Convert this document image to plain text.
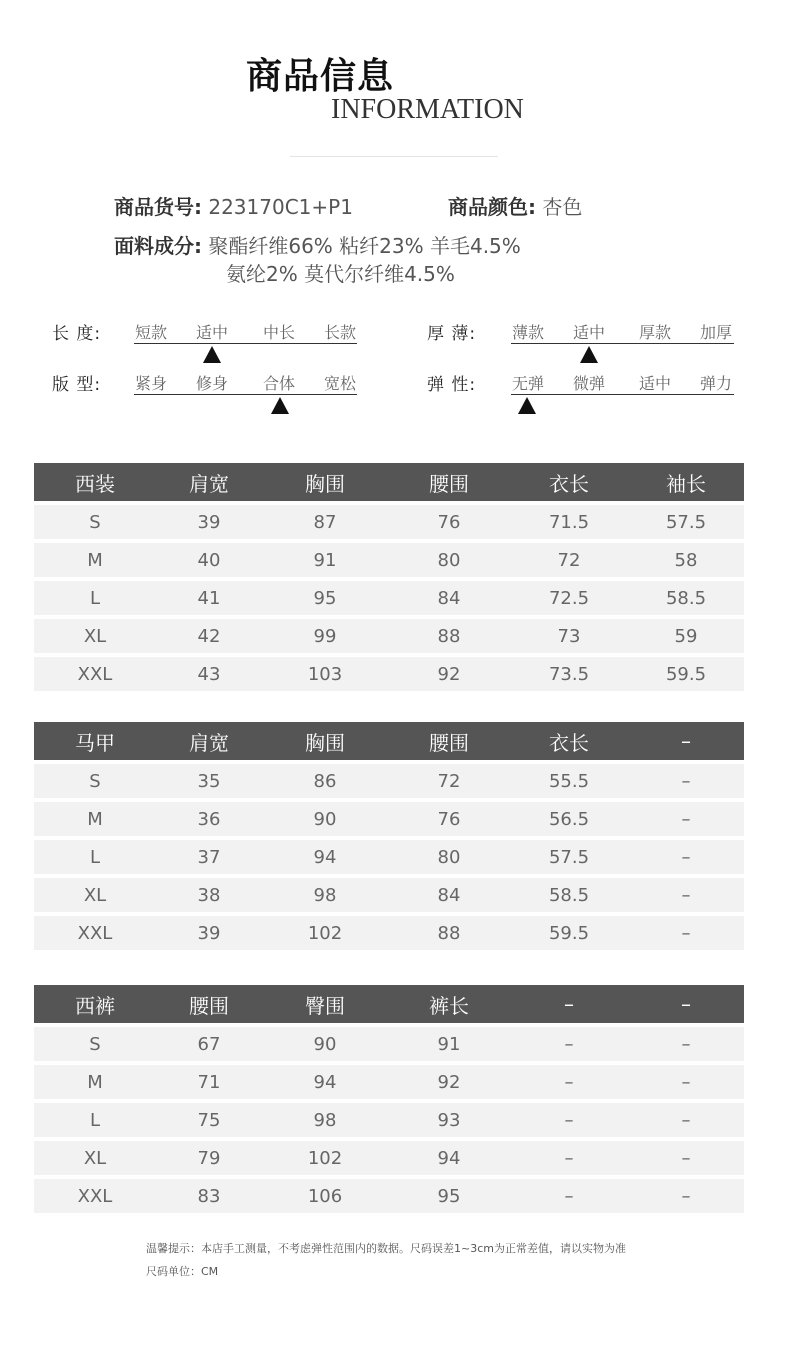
商品信息
INFORMATION
商品货号: 223170C1+P1	商品颜色: 杏色
面料成分: 聚酯纤维66% 粘纤23% 羊毛4.5%
氨纶2% 莫代尔纤维4.5%
长 度: 短款 适中 中长 长款	厚 薄: 薄款 适中 厚款 加厚
版 型: 紧身 修身 合体 宽松	弹 性: 无弹 微弹 适中 弹力
西装	肩宽	胸围	腰围	衣长	袖长
S	39	87	76	71.5	57.5
M	40	91	80	72	58
L	41	95	84	72.5	58.5
XL	42	99	88	73	59
XXL	43	103	92	73.5	59.5
马甲	肩宽	胸围	腰围	衣长	–
S	35	86	72	55.5	–
M	36	90	76	56.5	–
L	37	94	80	57.5	–
XL	38	98	84	58.5	–
XXL	39	102	88	59.5	–
西裤	腰围	臀围	裤长	–	–
S	67	90	91	–	–
M	71	94	92	–	–
L	75	98	93	–	–
XL	79	102	94	–	–
XXL	83	106	95	–	–
温馨提示：本店手工测量，不考虑弹性范围内的数据。尺码误差1~3cm为正常差值，请以实物为准
尺码单位：CM
